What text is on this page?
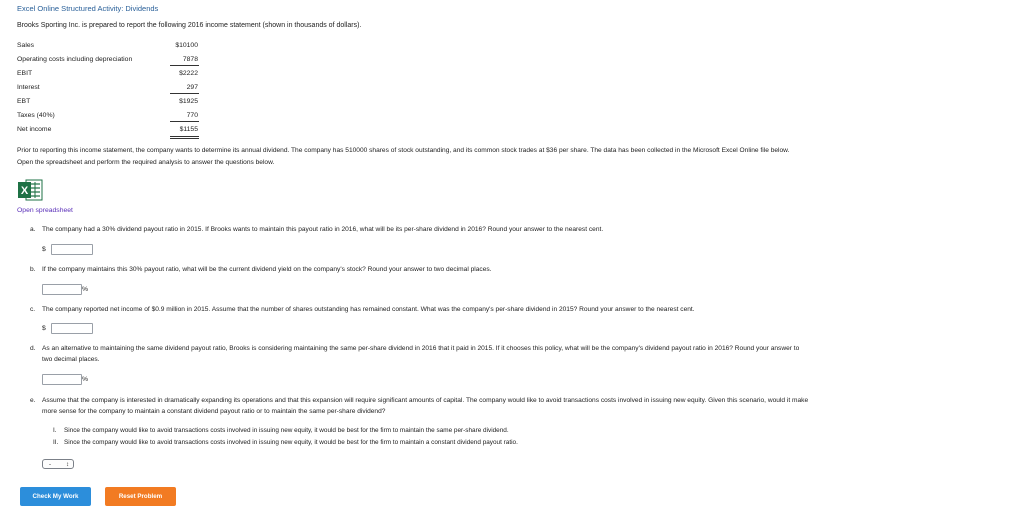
Excel Online Structured Activity: Dividends
Brooks Sporting Inc. is prepared to report the following 2016 income statement (shown in thousands of dollars).
Sales	$10100
Operating costs including depreciation	7878
EBIT	$2222
Interest	297
EBT	$1925
Taxes (40%)	770
Net income	$1155
Prior to reporting this income statement, the company wants to determine its annual dividend. The company has 510000 shares of stock outstanding, and its common stock trades at $36 per share. The data has been collected in the Microsoft Excel Online file below.
Open the spreadsheet and perform the required analysis to answer the questions below.
X
Open spreadsheet
a. The company had a 30% dividend payout ratio in 2015. If Brooks wants to maintain this payout ratio in 2016, what will be its per-share dividend in 2016? Round your answer to the nearest cent.
$
b. If the company maintains this 30% payout ratio, what will be the current dividend yield on the company's stock? Round your answer to two decimal places.
%
c. The company reported net income of $0.9 million in 2015. Assume that the number of shares outstanding has remained constant. What was the company's per-share dividend in 2015? Round your answer to the nearest cent.
$
d. As an alternative to maintaining the same dividend payout ratio, Brooks is considering maintaining the same per-share dividend in 2016 that it paid in 2015. If it chooses this policy, what will be the company's dividend payout ratio in 2016? Round your answer to
two decimal places.
%
e. Assume that the company is interested in dramatically expanding its operations and that this expansion will require significant amounts of capital. The company would like to avoid transactions costs involved in issuing new equity. Given this scenario, would it make
more sense for the company to maintain a constant dividend payout ratio or to maintain the same per-share dividend?
I. Since the company would like to avoid transactions costs involved in issuing new equity, it would be best for the firm to maintain the same per-share dividend.
II. Since the company would like to avoid transactions costs involved in issuing new equity, it would be best for the firm to maintain a constant dividend payout ratio.
-	↕
Check My Work	Reset Problem
